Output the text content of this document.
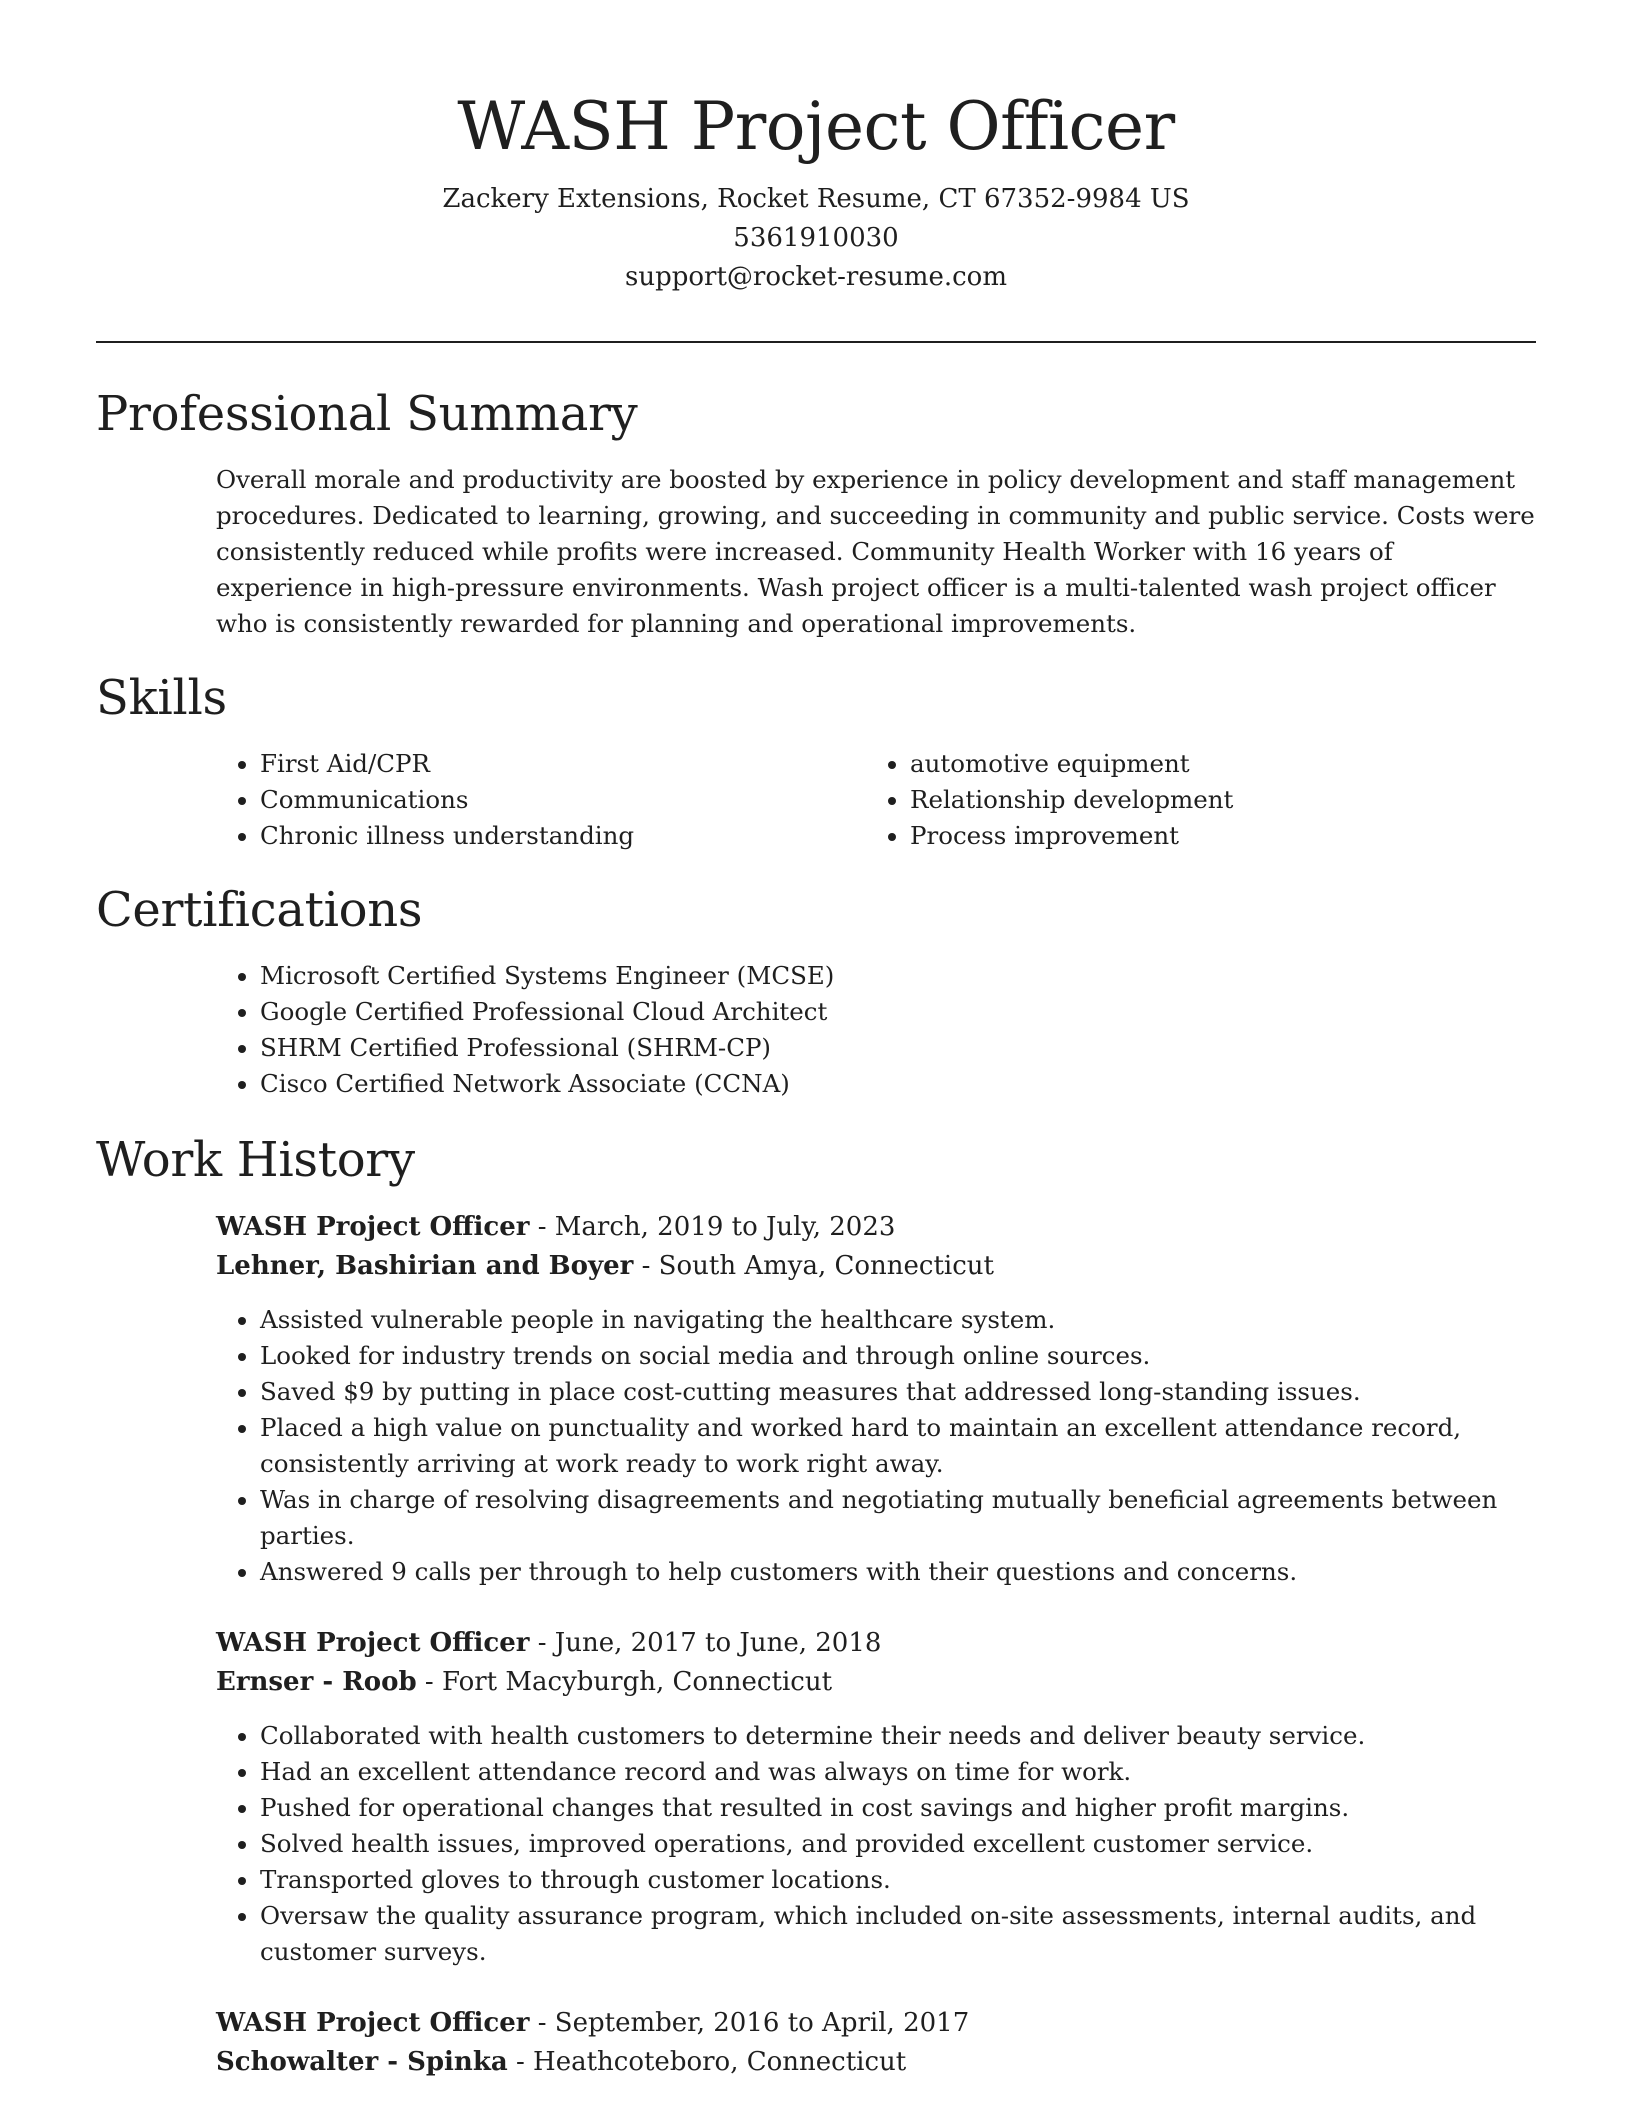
WASH Project Officer

Zackery Extensions, Rocket Resume, CT 67352-9984 US

5361910030

support@rocket-resume.com

Professional Summary

Overall morale and productivity are boosted by experience in policy development and staff management procedures. Dedicated to learning, growing, and succeeding in community and public service. Costs were consistently reduced while profits were increased. Community Health Worker with 16 years of experience in high-pressure environments. Wash project officer is a multi-talented wash project officer who is consistently rewarded for planning and operational improvements.

Skills
• First Aid/CPR
• Communications
• Chronic illness understanding
• automotive equipment
• Relationship development
• Process improvement
Certifications
• Microsoft Certified Systems Engineer (MCSE)
• Google Certified Professional Cloud Architect
• SHRM Certified Professional (SHRM-CP)
• Cisco Certified Network Associate (CCNA)
Work History

WASH Project Officer - March, 2019 to July, 2023

Lehner, Bashirian and Boyer - South Amya, Connecticut

• Assisted vulnerable people in navigating the healthcare system.
• Looked for industry trends on social media and through online sources.
• Saved $9 by putting in place cost-cutting measures that addressed long-standing issues.
• Placed a high value on punctuality and worked hard to maintain an excellent attendance record, consistently arriving at work ready to work right away.
• Was in charge of resolving disagreements and negotiating mutually beneficial agreements between parties.
• Answered 9 calls per through to help customers with their questions and concerns.

WASH Project Officer - June, 2017 to June, 2018

Ernser - Roob - Fort Macyburgh, Connecticut

• Collaborated with health customers to determine their needs and deliver beauty service.
• Had an excellent attendance record and was always on time for work.
• Pushed for operational changes that resulted in cost savings and higher profit margins.
• Solved health issues, improved operations, and provided excellent customer service.
• Transported gloves to through customer locations.
• Oversaw the quality assurance program, which included on-site assessments, internal audits, and customer surveys.

WASH Project Officer - September, 2016 to April, 2017

Schowalter - Spinka - Heathcoteboro, Connecticut
